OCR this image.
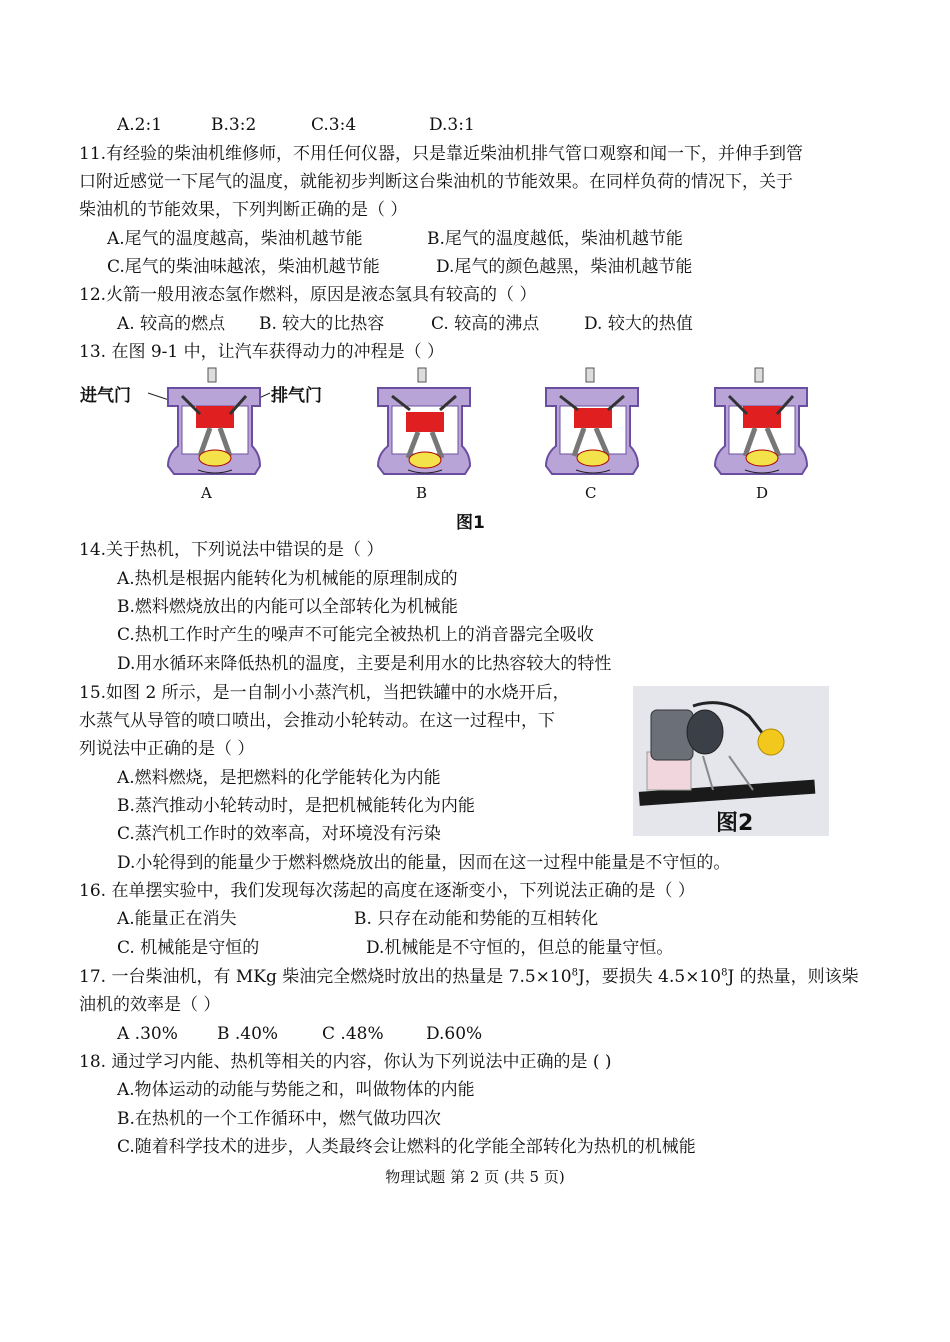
A.2:1	B.3:2	C.3:4	D.3:1
11.有经验的柴油机维修师，不用任何仪器，只是靠近柴油机排气管口观察和闻一下，并伸手到管
口附近感觉一下尾气的温度，就能初步判断这台柴油机的节能效果。在同样负荷的情况下，关于
柴油机的节能效果，下列判断正确的是（ ）
A.尾气的温度越高，柴油机越节能	B.尾气的温度越低，柴油机越节能
C.尾气的柴油味越浓，柴油机越节能	D.尾气的颜色越黑，柴油机越节能
12.火箭一般用液态氢作燃料，原因是液态氢具有较高的（ ）
A. 较高的燃点 B. 较大的比热容	C. 较高的沸点	D. 较大的热值
13. 在图 9-1 中，让汽车获得动力的冲程是（ ）
进气门	排气门
A	B	C	D
图1
14.关于热机，下列说法中错误的是（ ）
A.热机是根据内能转化为机械能的原理制成的
B.燃料燃烧放出的内能可以全部转化为机械能
C.热机工作时产生的噪声不可能完全被热机上的消音器完全吸收
D.用水循环来降低热机的温度，主要是利用水的比热容较大的特性
15.如图 2 所示，是一自制小小蒸汽机，当把铁罐中的水烧开后，
水蒸气从导管的喷口喷出，会推动小轮转动。在这一过程中，下
列说法中正确的是（ ）
A.燃料燃烧，是把燃料的化学能转化为内能
B.蒸汽推动小轮转动时，是把机械能转化为内能
C.蒸汽机工作时的效率高，对环境没有污染
D.小轮得到的能量少于燃料燃烧放出的能量，因而在这一过程中能量是不守恒的。
图2
16. 在单摆实验中，我们发现每次荡起的高度在逐渐变小，下列说法正确的是（ ）
A.能量正在消失	B. 只存在动能和势能的互相转化
C. 机械能是守恒的	D.机械能是不守恒的，但总的能量守恒。
17. 一台柴油机，有 MKg 柴油完全燃烧时放出的热量是 $7.5\times 10^8J$，要损失 $4.5\times 10^8J$ 的热量，则该柴
油机的效率是（ ）
A .30% B .40%	C .48% D.60%
18. 通过学习内能、热机等相关的内容，你认为下列说法中正确的是 ( )
A.物体运动的动能与势能之和，叫做物体的内能
B.在热机的一个工作循环中，燃气做功四次
C.随着科学技术的进步，人类最终会让燃料的化学能全部转化为热机的机械能
物理试题 第 2 页 (共 5 页)
